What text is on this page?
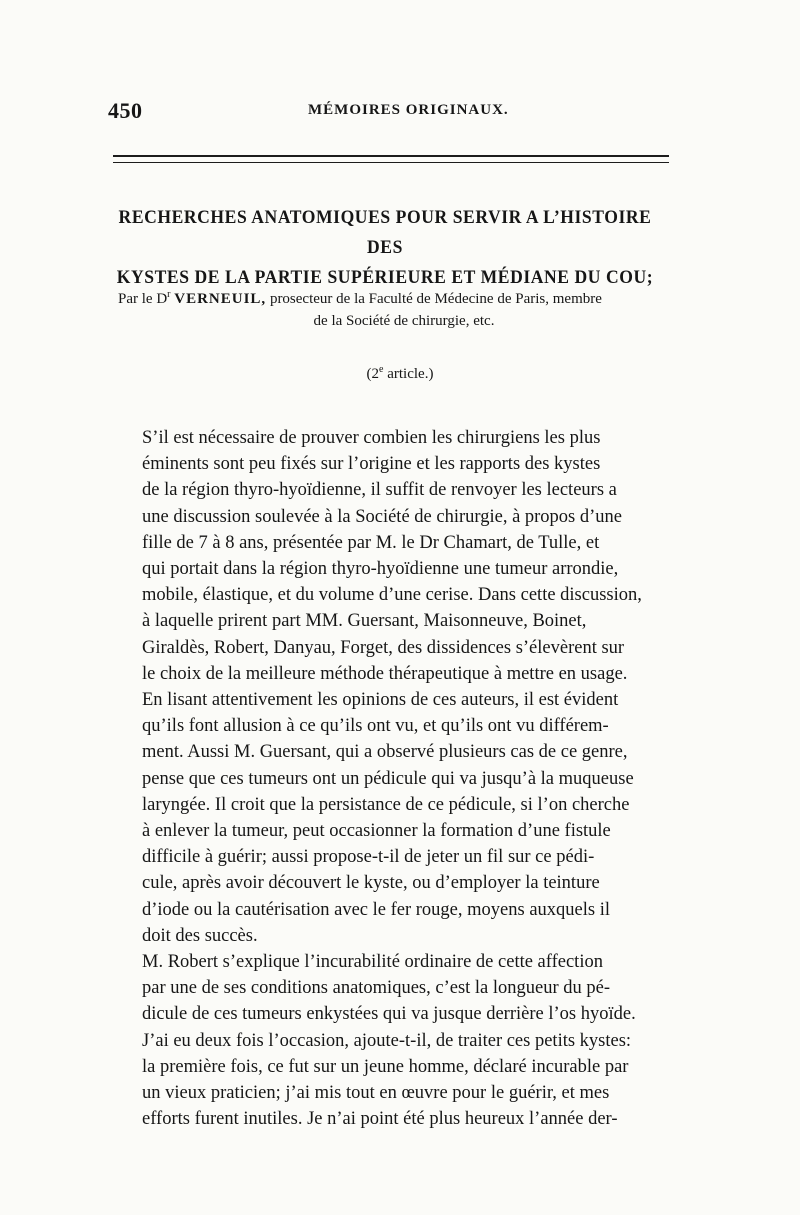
450	MÉMOIRES ORIGINAUX.
RECHERCHES ANATOMIQUES POUR SERVIR A L’HISTOIRE DES
KYSTES DE LA PARTIE SUPÉRIEURE ET MÉDIANE DU COU;
Par le $D^r$ VERNEUIL, prosecteur de la Faculté de Médecine de Paris, membre
de la Société de chirurgie, etc.
(2e article.)

S’il est nécessaire de prouver combien les chirurgiens les plus
éminents sont peu fixés sur l’origine et les rapports des kystes
de la région thyro-hyoïdienne, il suffit de renvoyer les lecteurs a
une discussion soulevée à la Société de chirurgie, à propos d’une
fille de 7 à 8 ans, présentée par M. le Dr Chamart, de Tulle, et
qui portait dans la région thyro-hyoïdienne une tumeur arrondie,
mobile, élastique, et du volume d’une cerise. Dans cette discussion,
à laquelle prirent part MM. Guersant, Maisonneuve, Boinet,
Giraldès, Robert, Danyau, Forget, des dissidences s’élevèrent sur
le choix de la meilleure méthode thérapeutique à mettre en usage.
En lisant attentivement les opinions de ces auteurs, il est évident
qu’ils font allusion à ce qu’ils ont vu, et qu’ils ont vu différem-
ment. Aussi M. Guersant, qui a observé plusieurs cas de ce genre,
pense que ces tumeurs ont un pédicule qui va jusqu’à la muqueuse
laryngée. Il croit que la persistance de ce pédicule, si l’on cherche
à enlever la tumeur, peut occasionner la formation d’une fistule
difficile à guérir; aussi propose-t-il de jeter un fil sur ce pédi-
cule, après avoir découvert le kyste, ou d’employer la teinture
d’iode ou la cautérisation avec le fer rouge, moyens auxquels il
doit des succès.

M. Robert s’explique l’incurabilité ordinaire de cette affection
par une de ses conditions anatomiques, c’est la longueur du pé-
dicule de ces tumeurs enkystées qui va jusque derrière l’os hyoïde.
J’ai eu deux fois l’occasion, ajoute-t-il, de traiter ces petits kystes:
la première fois, ce fut sur un jeune homme, déclaré incurable par
un vieux praticien; j’ai mis tout en œuvre pour le guérir, et mes
efforts furent inutiles. Je n’ai point été plus heureux l’année der-
